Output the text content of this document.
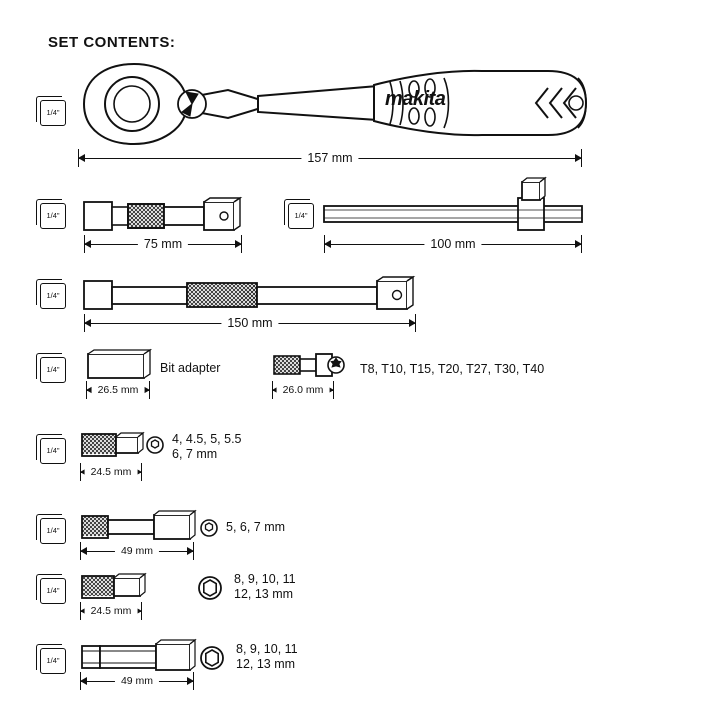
SET CONTENTS:
1/4"
makita
157 mm
1/4"
75 mm
1/4"
100 mm
1/4"
150 mm
1/4"	Bit adapter
26.5 mm
T8, T10, T15, T20, T27, T30, T40
26.0 mm
1/4"
4, 4.5, 5, 5.5
6, 7 mm
24.5 mm
1/4"	5, 6, 7 mm
49 mm
1/4"
8, 9, 10, 11
12, 13 mm
24.5 mm
1/4"
8, 9, 10, 11
12, 13 mm
49 mm
